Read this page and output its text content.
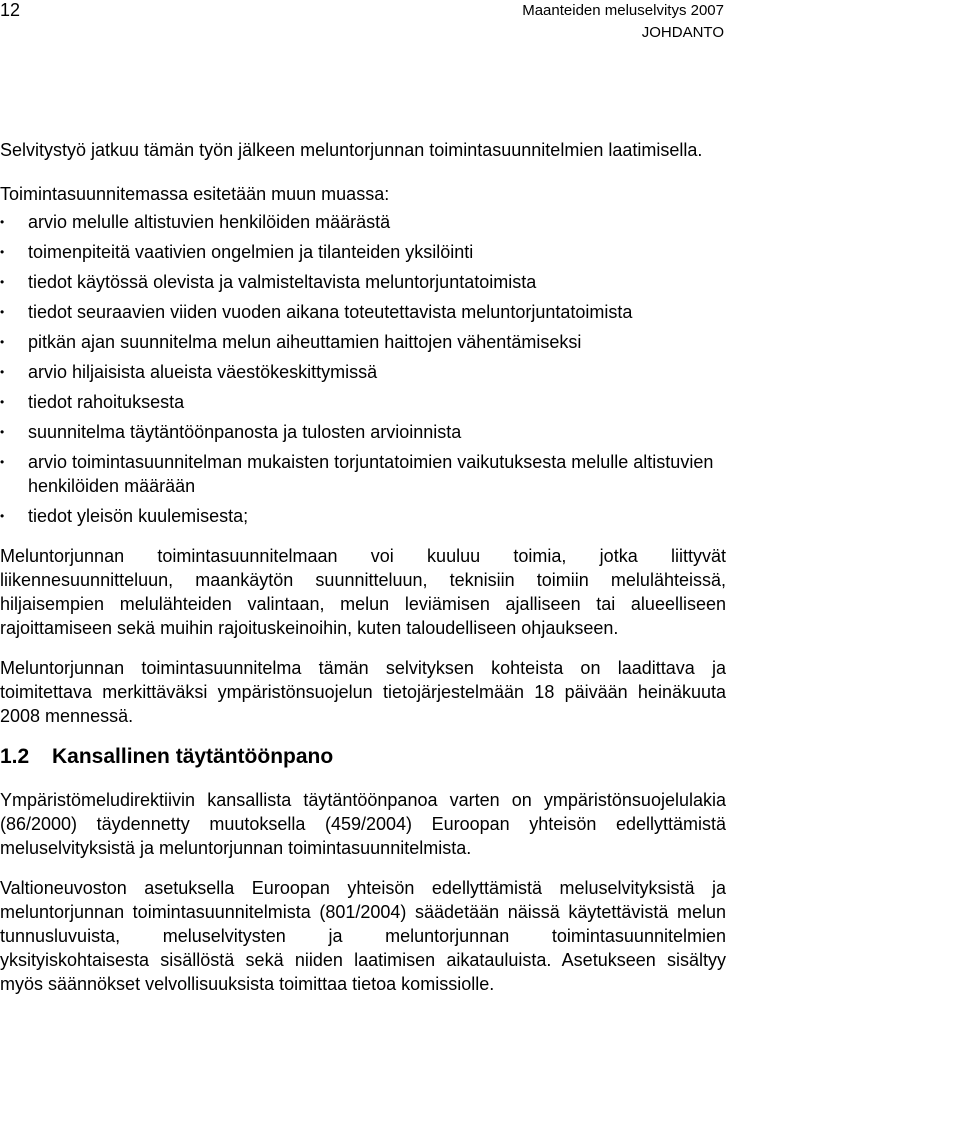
12	Maanteiden meluselvitys 2007
JOHDANTO

Selvitystyö jatkuu tämän työn jälkeen meluntorjunnan toimintasuunnitelmien laatimisella.

Toimintasuunnitemassa esitetään muun muassa:

•	arvio melulle altistuvien henkilöiden määrästä
•	toimenpiteitä vaativien ongelmien ja tilanteiden yksilöinti
•	tiedot käytössä olevista ja valmisteltavista meluntorjuntatoimista
•	tiedot seuraavien viiden vuoden aikana toteutettavista meluntorjuntatoimista
•	pitkän ajan suunnitelma melun aiheuttamien haittojen vähentämiseksi
•	arvio hiljaisista alueista väestökeskittymissä
•	tiedot rahoituksesta
•	suunnitelma täytäntöönpanosta ja tulosten arvioinnista
•	arvio toimintasuunnitelman mukaisten torjuntatoimien vaikutuksesta melulle altistuvien henkilöiden määrään
•	tiedot yleisön kuulemisesta;

Meluntorjunnan toimintasuunnitelmaan voi kuuluu toimia, jotka liittyvät liikennesuunnitteluun, maankäytön suunnitteluun, teknisiin toimiin melulähteissä, hiljaisempien melulähteiden valintaan, melun leviämisen ajalliseen tai alueelliseen rajoittamiseen sekä muihin rajoituskeinoihin, kuten taloudelliseen ohjaukseen.

Meluntorjunnan toimintasuunnitelma tämän selvityksen kohteista on laadittava ja toimitettava merkittäväksi ympäristönsuojelun tietojärjestelmään 18 päivään heinäkuuta 2008 mennessä.

1.2 Kansallinen täytäntöönpano

Ympäristömeludirektiivin kansallista täytäntöönpanoa varten on ympäristönsuojelulakia (86/2000) täydennetty muutoksella (459/2004) Euroopan yhteisön edellyttämistä meluselvityksistä ja meluntorjunnan toimintasuunnitelmista.

Valtioneuvoston asetuksella Euroopan yhteisön edellyttämistä meluselvityksistä ja meluntorjunnan toimintasuunnitelmista (801/2004) säädetään näissä käytettävistä melun tunnusluvuista, meluselvitysten ja meluntorjunnan toimintasuunnitelmien yksityiskohtaisesta sisällöstä sekä niiden laatimisen aikatauluista. Asetukseen sisältyy myös säännökset velvollisuuksista toimittaa tietoa komissiolle.
